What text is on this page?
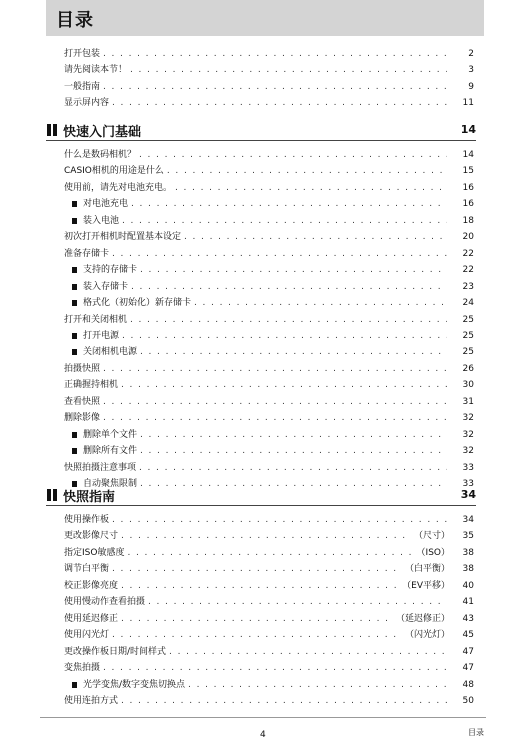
目录
打开包装 . . .	2
请先阅读本节！ . . .	3
一般指南 . . .	9
显示屏内容 . . .	11
快速入门基础	14
什么是数码相机？ . . .	14
CASIO相机的用途是什么 . . .	15
使用前，请先对电池充电。 . . .	16
对电池充电 . . .	16
装入电池 . . .	18
初次打开相机时配置基本设定 . . .	20
准备存储卡 . . .	22
支持的存储卡 . . .	22
装入存储卡 . . .	23
格式化（初始化）新存储卡 . . .	24
打开和关闭相机 . . .	25
打开电源 . . .	25
关闭相机电源 . . .	25
拍摄快照 . . .	26
正确握持相机 . . .	30
查看快照 . . .	31
删除影像 . . .	32
删除单个文件 . . .	32
删除所有文件 . . .	32
快照拍摄注意事项 . . .	33
自动聚焦限制 . . .	33
快照指南	34
使用操作板 . . .	34
更改影像尺寸 . . .	（尺寸）	35
指定ISO敏感度 . . .	（ISO）	38
调节白平衡 . . .	（白平衡）	38
校正影像亮度 . . .	（EV平移）	40
使用慢动作查看拍摄 . . .	41
使用延迟修正 . . .	（延迟修正）	43
使用闪光灯 . . .	（闪光灯）	45
更改操作板日期/时间样式 . . .	47
变焦拍摄 . . .	47
光学变焦/数字变焦切换点 . . .	48
使用连拍方式 . . .	50
4	目录
